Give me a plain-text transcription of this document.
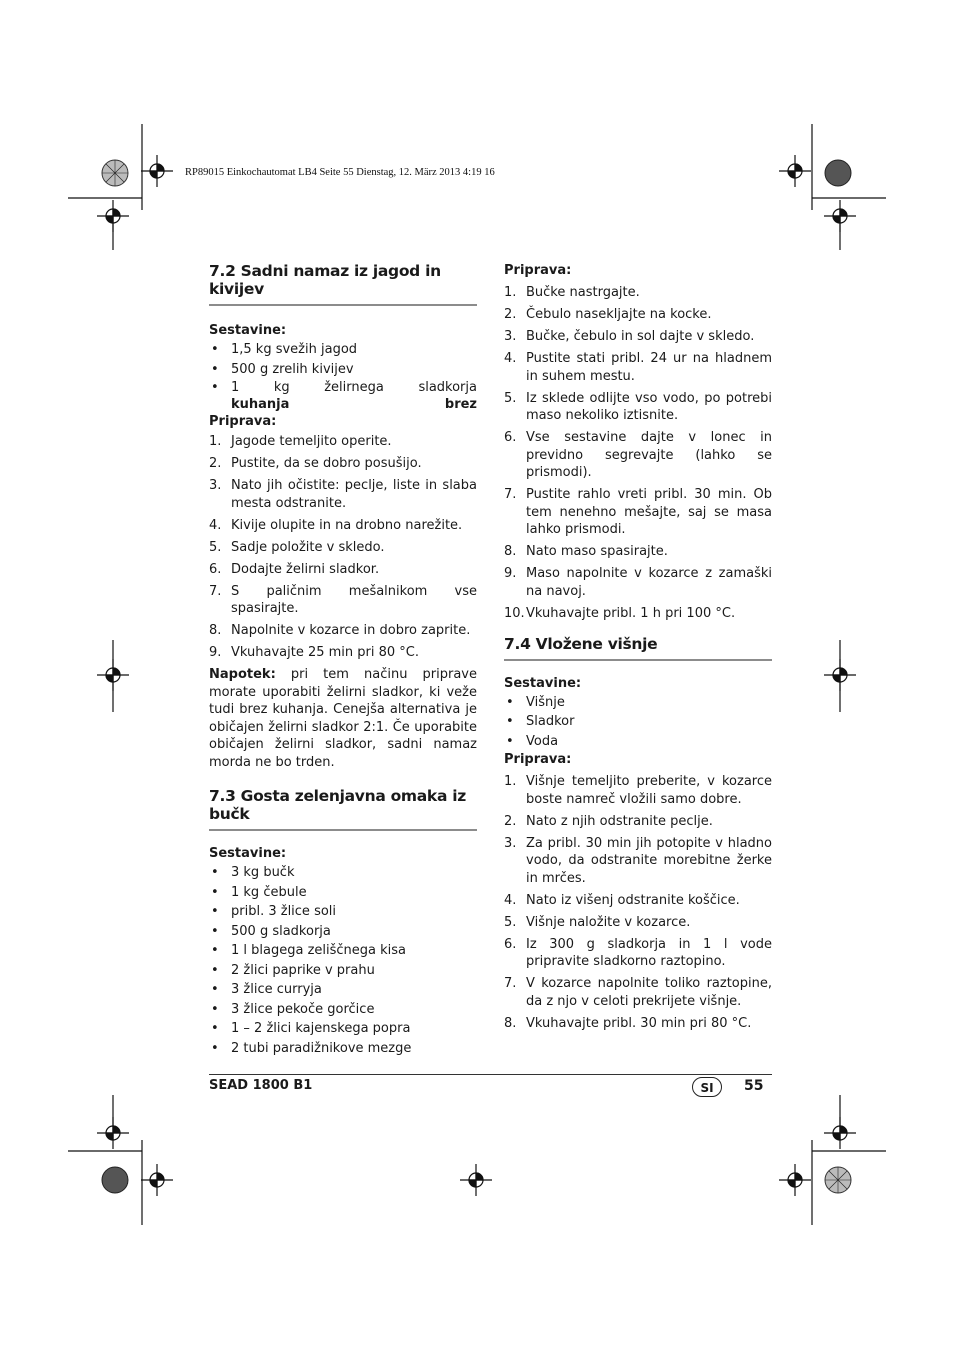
RP89015 Einkochautomat LB4 Seite 55 Dienstag, 12. März 2013 4:19 16
7.2 Sadni namaz iz jagod in kivijev

Sestavine:

• 1,5 kg svežih jagod
• 500 g zrelih kivijev
• 1 kg želirnega sladkorja
brez
kuhanja

Priprava:

1. Jagode temeljito operite.
2. Pustite, da se dobro posušijo.
3. Nato jih očistite: peclje, liste in slaba mesta odstranite.
4. Kivije olupite in na drobno narežite.
5. Sadje položite v skledo.
6. Dodajte želirni sladkor.
7. S paličnim mešalnikom vse spasirajte.
8. Napolnite v kozarce in dobro zaprite.
9. Vkuhavajte 25 min pri 80 °C.

Napotek: pri tem načinu priprave morate uporabiti želirni sladkor, ki veže tudi brez kuhanja. Cenejša alternativa je običajen želirni sladkor 2:1. Če uporabite običajen želirni sladkor, sadni namaz morda ne bo trden.

7.3 Gosta zelenjavna omaka iz bučk

Sestavine:

• 3 kg bučk
• 1 kg čebule
• pribl. 3 žlice soli
• 500 g sladkorja
• 1 l blagega zeliščnega kisa
• 2 žlici paprike v prahu
• 3 žlice curryja
• 3 žlice pekoče gorčice
• 1 – 2 žlici kajenskega popra
• 2 tubi paradižnikove mezge

Priprava:

1. Bučke nastrgajte.
2. Čebulo nasekljajte na kocke.
3. Bučke, čebulo in sol dajte v skledo.
4. Pustite stati pribl. 24 ur na hladnem in suhem mestu.
5. Iz sklede odlijte vso vodo, po potrebi maso nekoliko iztisnite.
6. Vse sestavine dajte v lonec in previdno segrevajte (lahko se prismodi).
7. Pustite rahlo vreti pribl. 30 min. Ob tem nenehno mešajte, saj se masa lahko prismodi.
8. Nato maso spasirajte.
9. Maso napolnite v kozarce z zamaški na navoj.
10. Vkuhavajte pribl. 1 h pri 100 °C.
7.4 Vložene višnje

Sestavine:

• Višnje
• Sladkor
• Voda

Priprava:

1. Višnje temeljito preberite, v kozarce boste namreč vložili samo dobre.
2. Nato z njih odstranite peclje.
3. Za pribl. 30 min jih potopite v hladno vodo, da odstranite morebitne žerke in mrčes.
4. Nato iz višenj odstranite koščice.
5. Višnje naložite v kozarce.
6. Iz 300 g sladkorja in 1 l vode pripravite sladkorno raztopino.
7. V kozarce napolnite toliko raztopine, da z njo v celoti prekrijete višnje.
8. Vkuhavajte pribl. 30 min pri 80 °C.
SEAD 1800 B1	SI	55
